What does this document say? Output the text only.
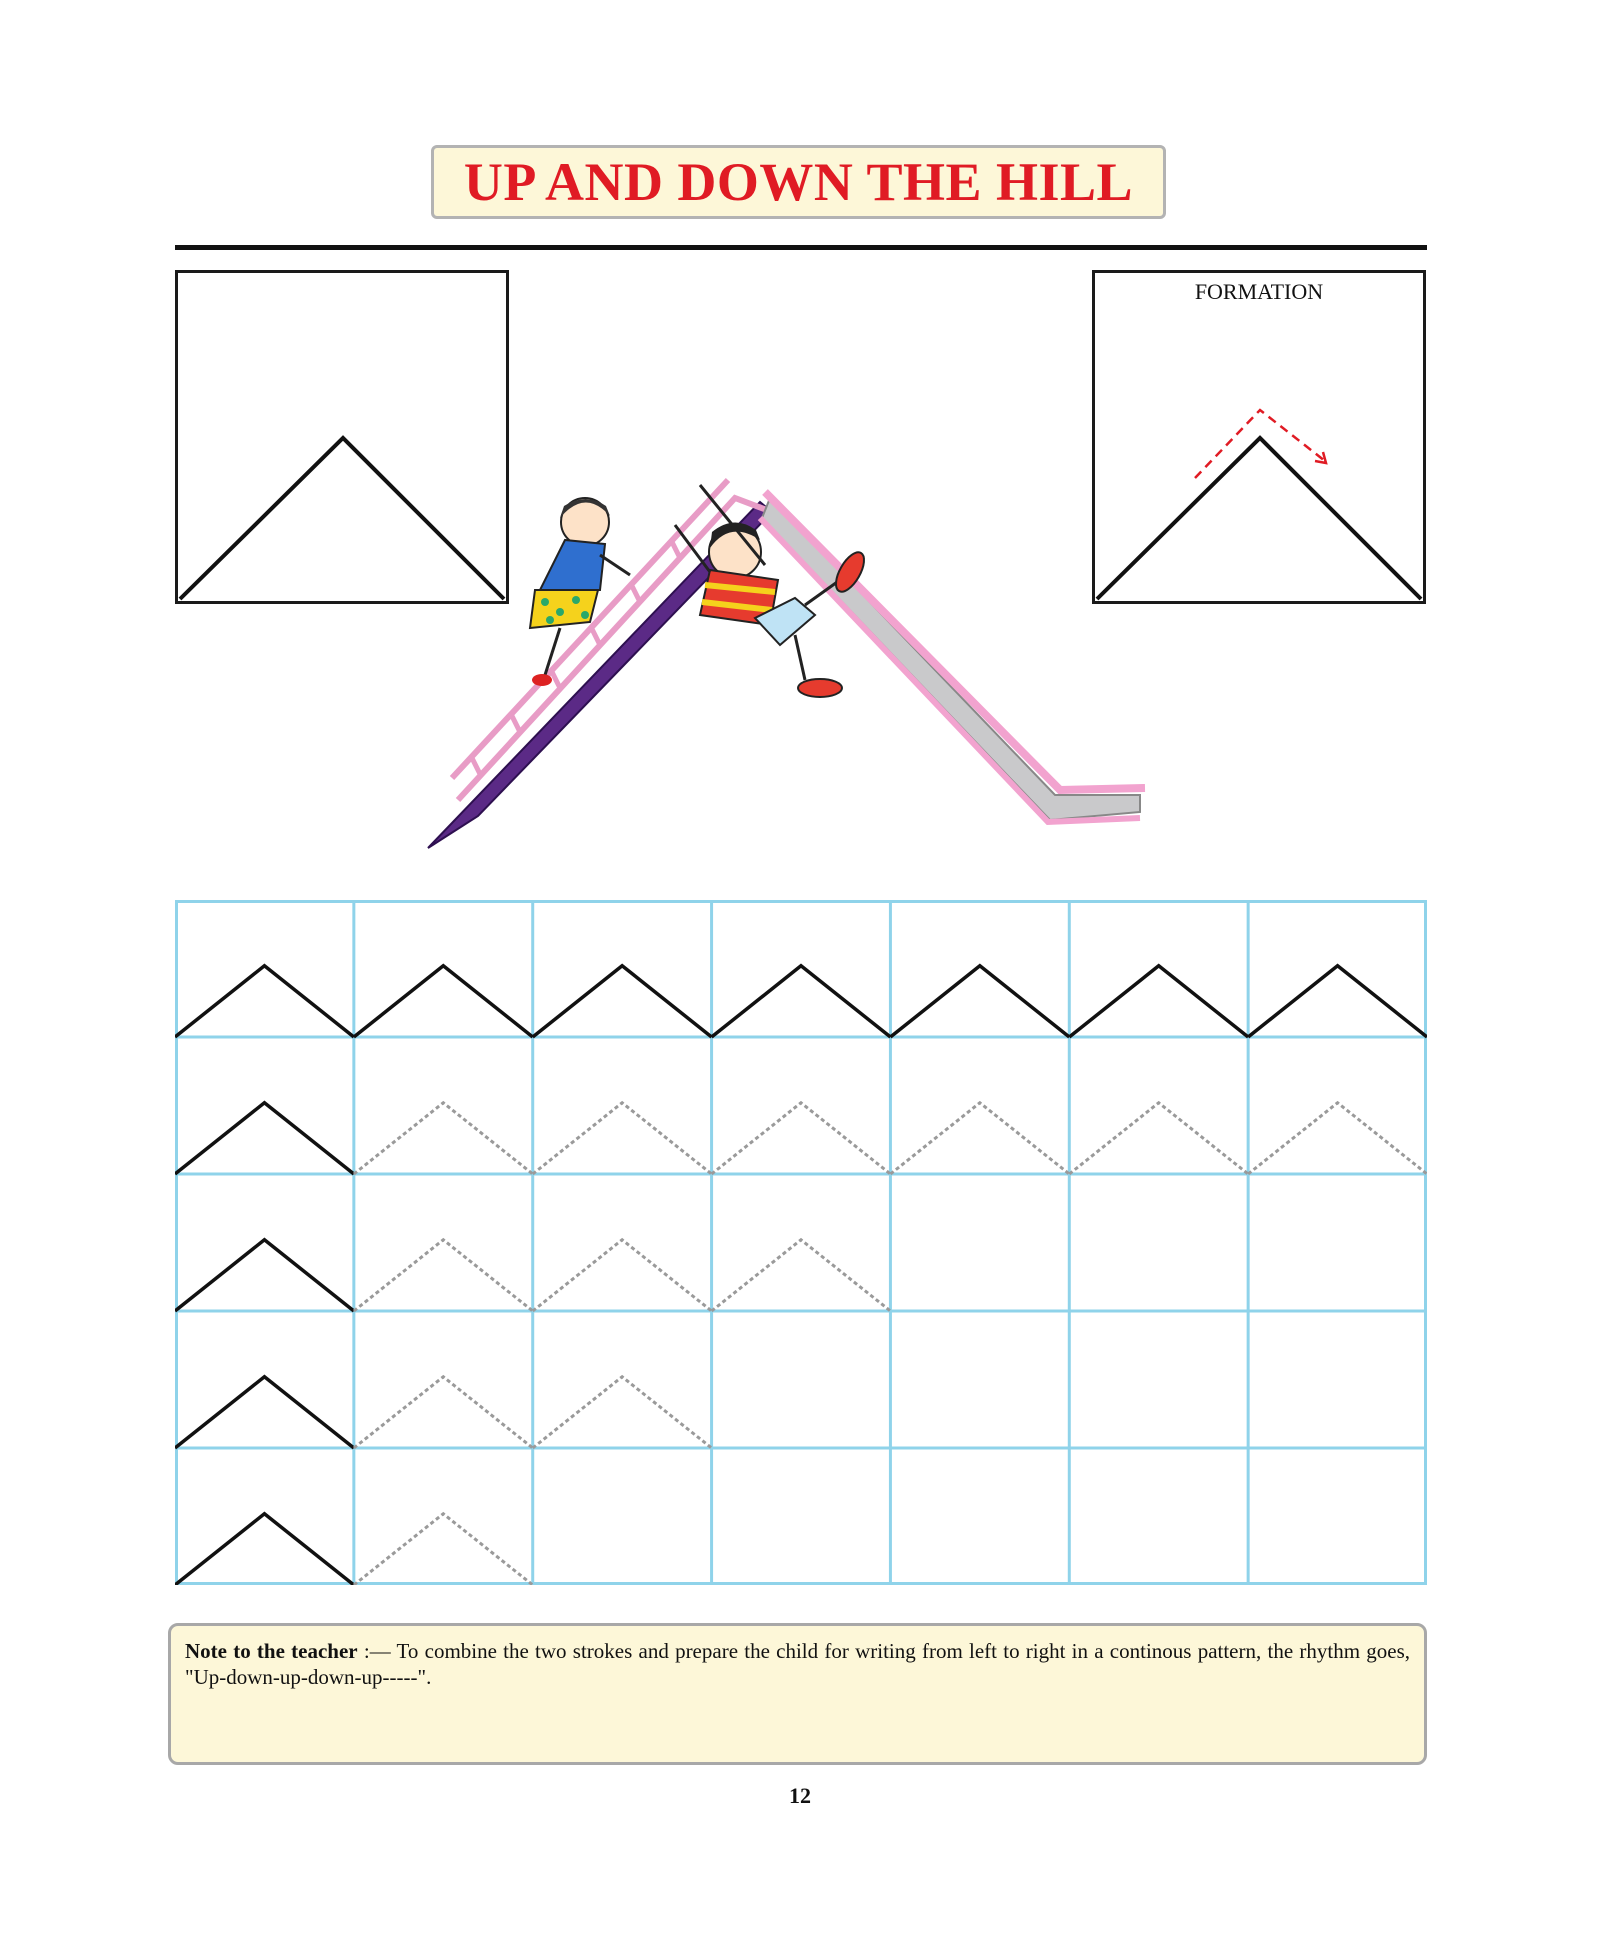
UP AND DOWN THE HILL
FORMATION
Note to the teacher :— To combine the two strokes and prepare the child for writing from left to right in a continous pattern, the rhythm goes, "Up-down-up-down-up-----".
12
